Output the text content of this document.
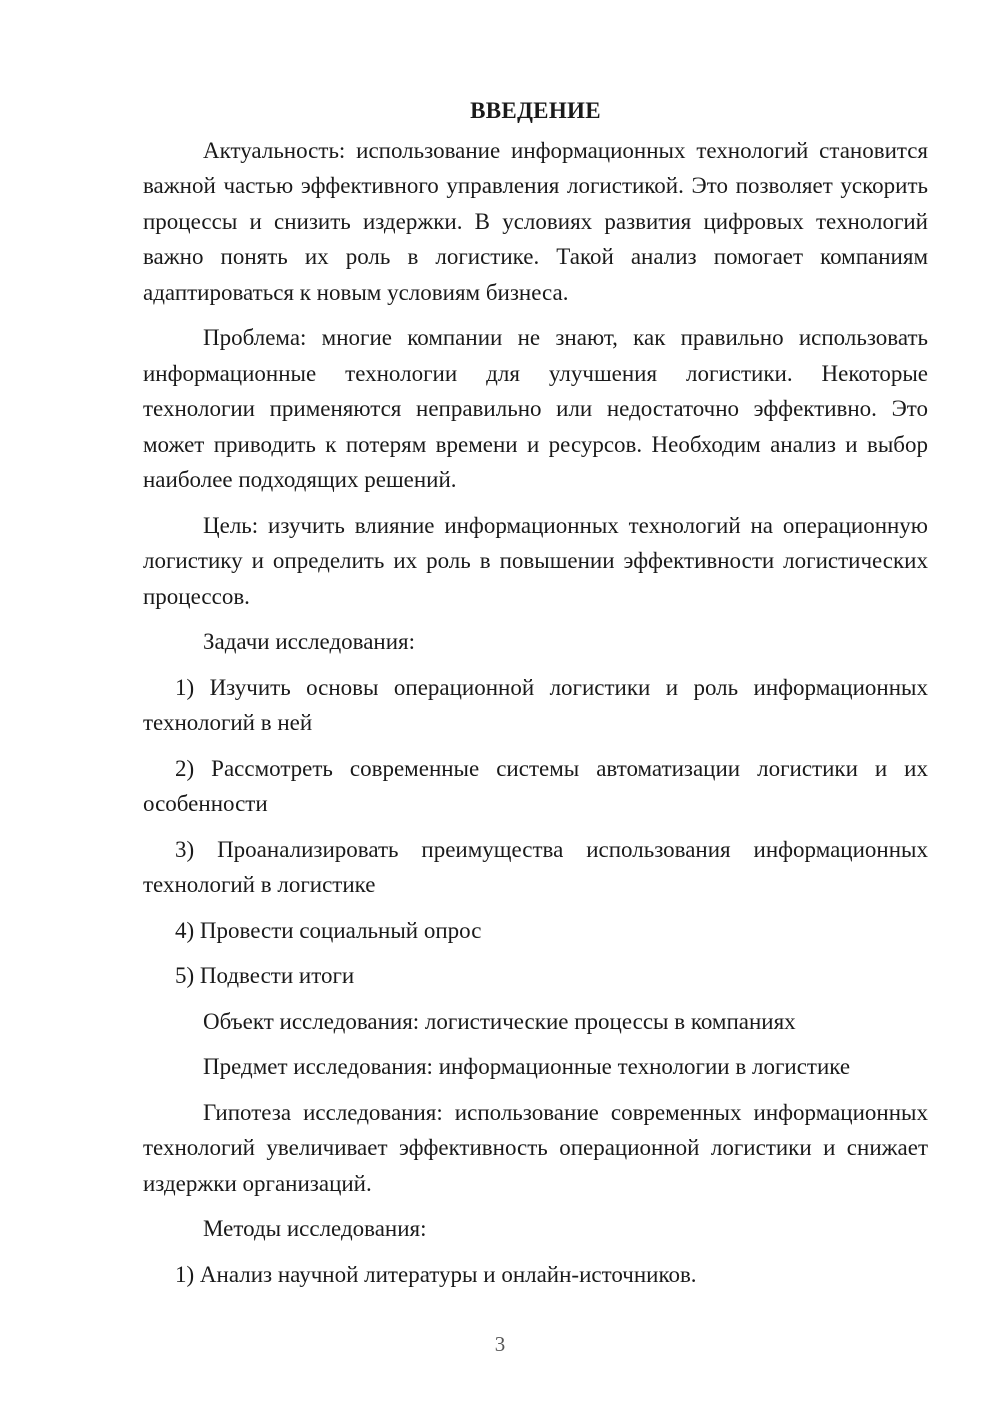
ВВЕДЕНИЕ

Актуальность: использование информационных технологий становится важной частью эффективного управления логистикой. Это позволяет ускорить процессы и снизить издержки. В условиях развития цифровых технологий важно понять их роль в логистике. Такой анализ помогает компаниям адаптироваться к новым условиям бизнеса.

Проблема: многие компании не знают, как правильно использовать информационные технологии для улучшения логистики. Некоторые технологии применяются неправильно или недостаточно эффективно. Это может приводить к потерям времени и ресурсов. Необходим анализ и выбор наиболее подходящих решений.

Цель: изучить влияние информационных технологий на операционную логистику и определить их роль в повышении эффективности логистических процессов.

Задачи исследования:

1) Изучить основы операционной логистики и роль информационных технологий в ней

2) Рассмотреть современные системы автоматизации логистики и их особенности

3) Проанализировать преимущества использования информационных технологий в логистике

4) Провести социальный опрос

5) Подвести итоги

Объект исследования: логистические процессы в компаниях

Предмет исследования: информационные технологии в логистике

Гипотеза исследования: использование современных информационных технологий увеличивает эффективность операционной логистики и снижает издержки организаций.

Методы исследования:

1) Анализ научной литературы и онлайн-источников.

3
